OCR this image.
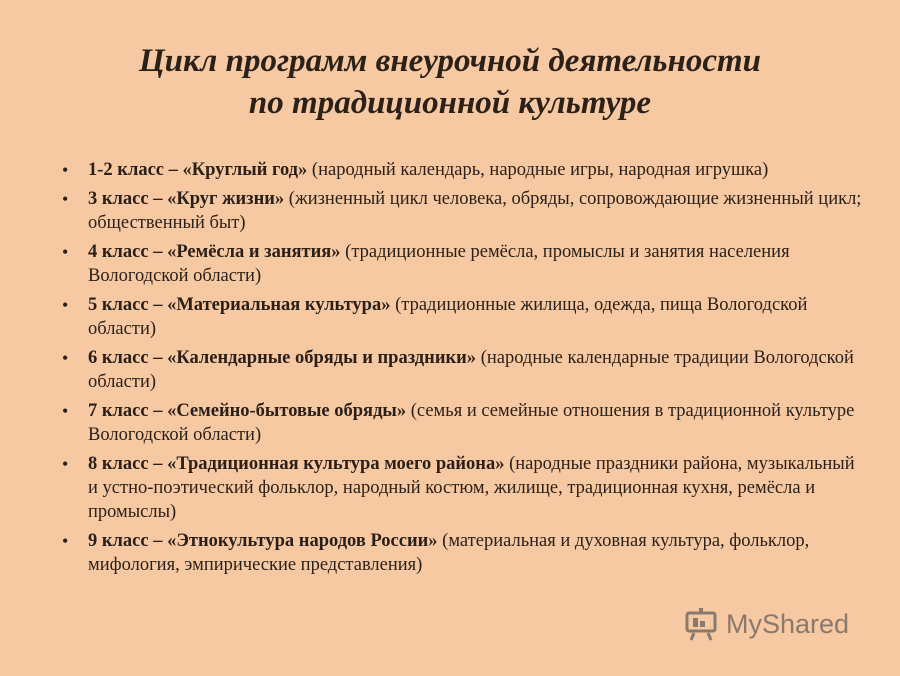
Цикл программ внеурочной деятельности
по традиционной культуре
• 1-2 класс – «Круглый год» (народный календарь, народные игры, народная игрушка)
• 3 класс – «Круг жизни» (жизненный цикл человека, обряды, сопровождающие жизненный цикл; общественный быт)
• 4 класс – «Ремёсла и занятия» (традиционные ремёсла, промыслы и занятия населения Вологодской области)
• 5 класс – «Материальная культура» (традиционные жилища, одежда, пища Вологодской области)
• 6 класс – «Календарные обряды и праздники» (народные календарные традиции Вологодской области)
• 7 класс – «Семейно-бытовые обряды» (семья и семейные отношения в традиционной культуре Вологодской области)
• 8 класс – «Традиционная культура моего района» (народные праздники района, музыкальный и устно-поэтический фольклор, народный костюм, жилище, традиционная кухня, ремёсла и промыслы)
• 9 класс – «Этнокультура народов России» (материальная и духовная культура, фольклор, мифология, эмпирические представления)
MyShared
